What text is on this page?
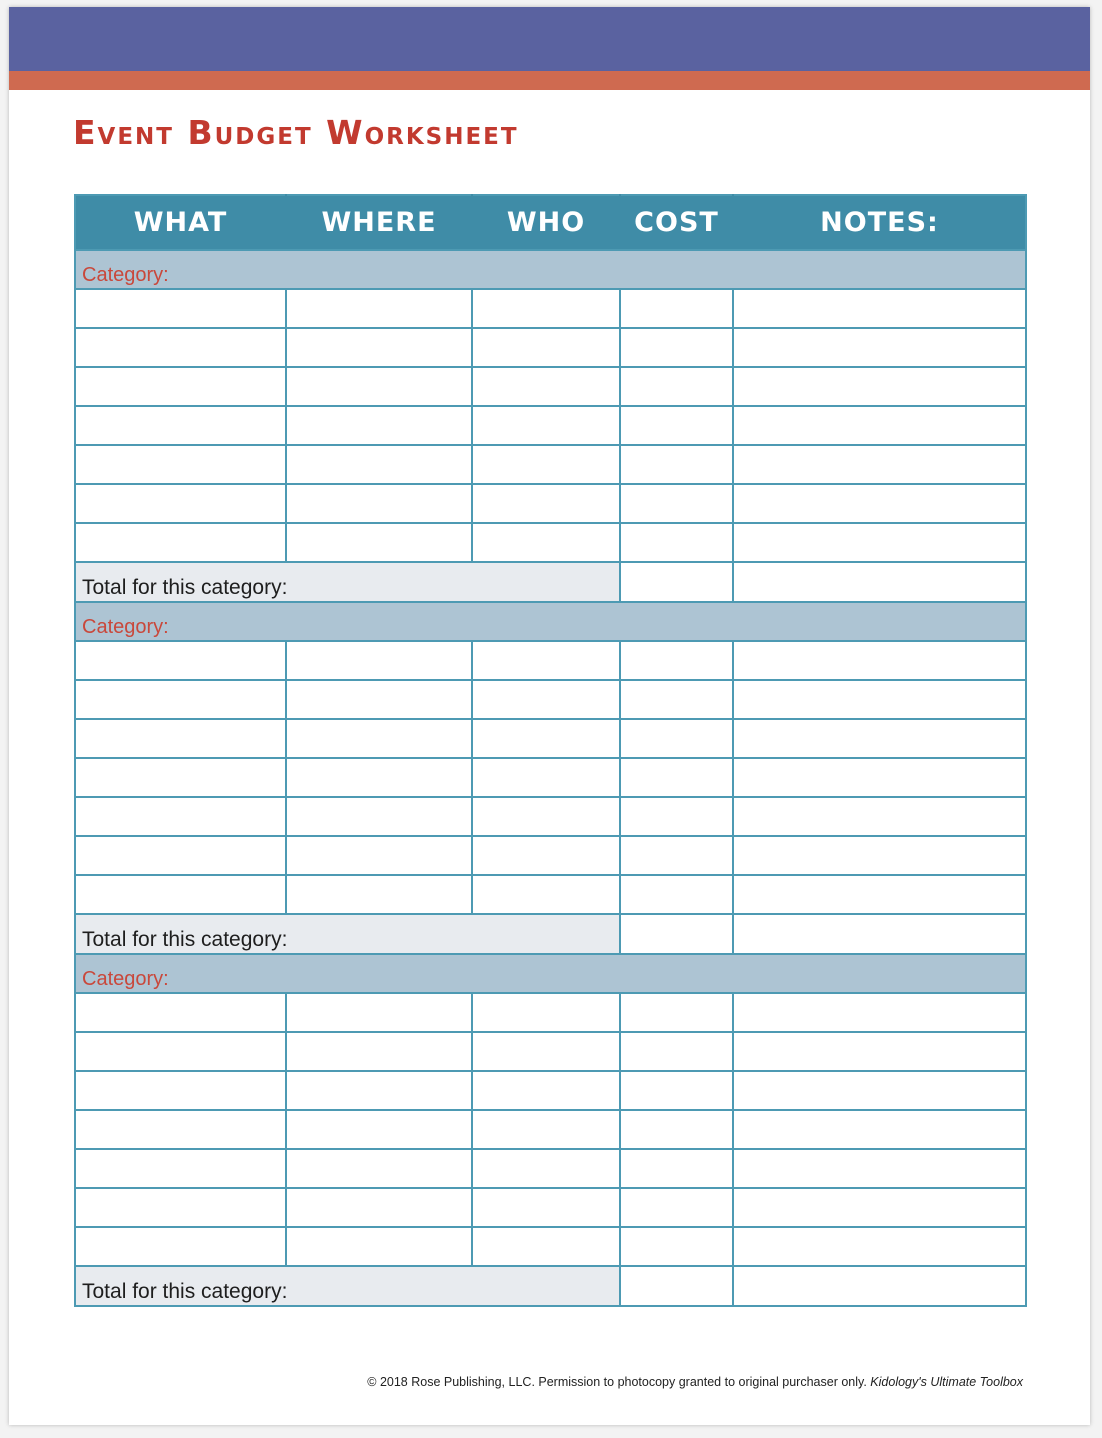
Event Budget Worksheet
WHAT	WHERE	WHO	COST	NOTES:
Category:				

Total for this category:				
Category:				

Total for this category:				
Category:				

Total for this category:				

© 2018 Rose Publishing, LLC. Permission to photocopy granted to original purchaser only. Kidology's Ultimate Toolbox
